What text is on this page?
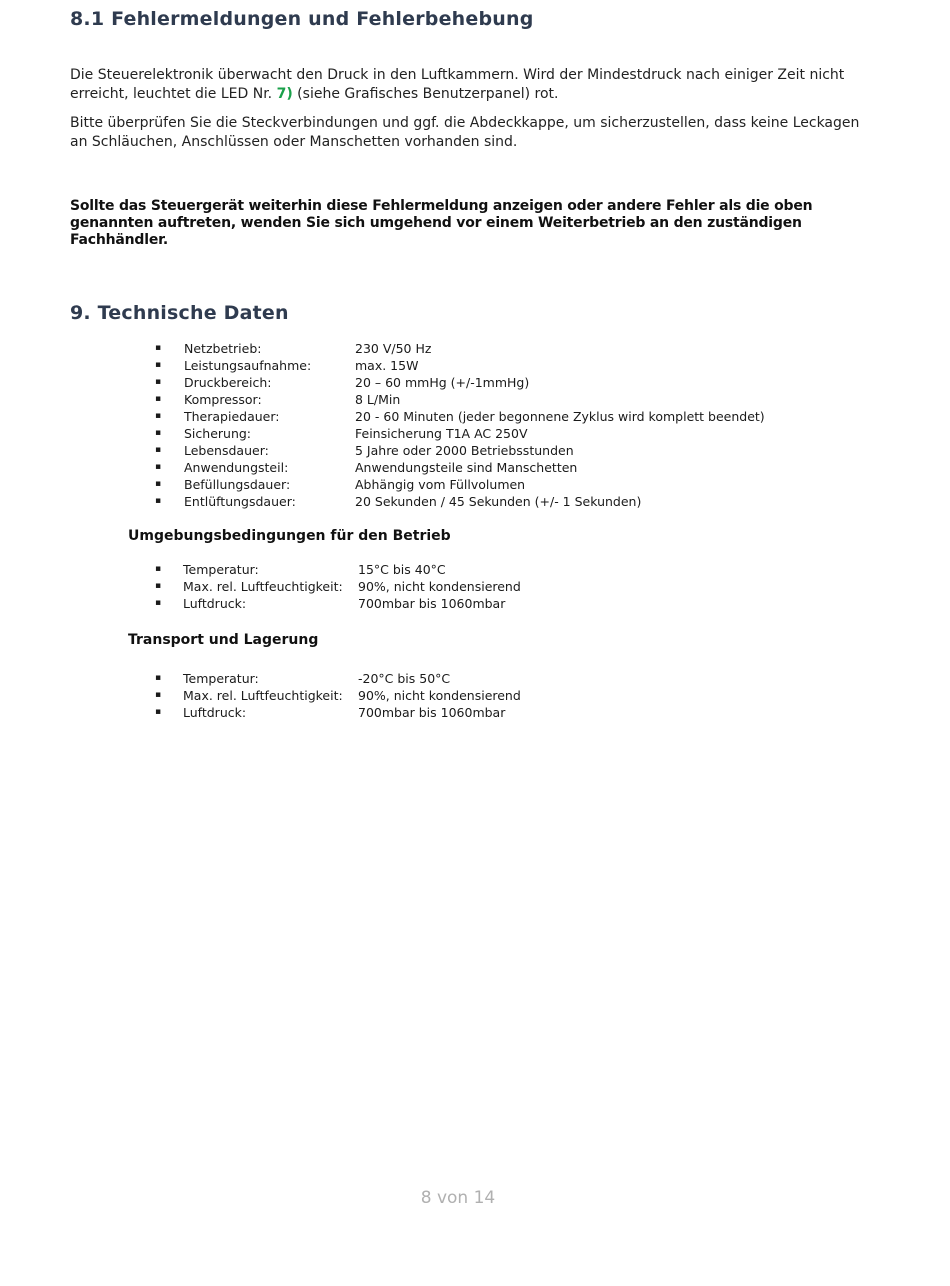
8.1 Fehlermeldungen und Fehlerbehebung

Die Steuerelektronik überwacht den Druck in den Luftkammern. Wird der Mindestdruck nach einiger Zeit nicht erreicht, leuchtet die LED Nr. 7) (siehe Grafisches Benutzerpanel) rot.

Bitte überprüfen Sie die Steckverbindungen und ggf. die Abdeckkappe, um sicherzustellen, dass keine Leckagen an Schläuchen, Anschlüssen oder Manschetten vorhanden sind.

Sollte das Steuergerät weiterhin diese Fehlermeldung anzeigen oder andere Fehler als die oben genannten auftreten, wenden Sie sich umgehend vor einem Weiterbetrieb an den zuständigen Fachhändler.

9. Technische Daten
▪ Netzbetrieb:	230 V/50 Hz
▪ Leistungsaufnahme:	max. 15W
▪ Druckbereich:	20 – 60 mmHg (+/-1mmHg)
▪ Kompressor:	8 L/Min
▪ Therapiedauer:	20 - 60 Minuten (jeder begonnene Zyklus wird komplett beendet)
▪ Sicherung:	Feinsicherung T1A AC 250V
▪ Lebensdauer:	5 Jahre oder 2000 Betriebsstunden
▪ Anwendungsteil:	Anwendungsteile sind Manschetten
▪ Befüllungsdauer:	Abhängig vom Füllvolumen
▪ Entlüftungsdauer:	20 Sekunden / 45 Sekunden (+/- 1 Sekunden)
Umgebungsbedingungen für den Betrieb
▪ Temperatur:	15°C bis 40°C
▪ Max. rel. Luftfeuchtigkeit: 90%, nicht kondensierend
▪ Luftdruck:	700mbar bis 1060mbar
Transport und Lagerung
▪ Temperatur:	-20°C bis 50°C
▪ Max. rel. Luftfeuchtigkeit: 90%, nicht kondensierend
▪ Luftdruck:	700mbar bis 1060mbar
8 von 14
